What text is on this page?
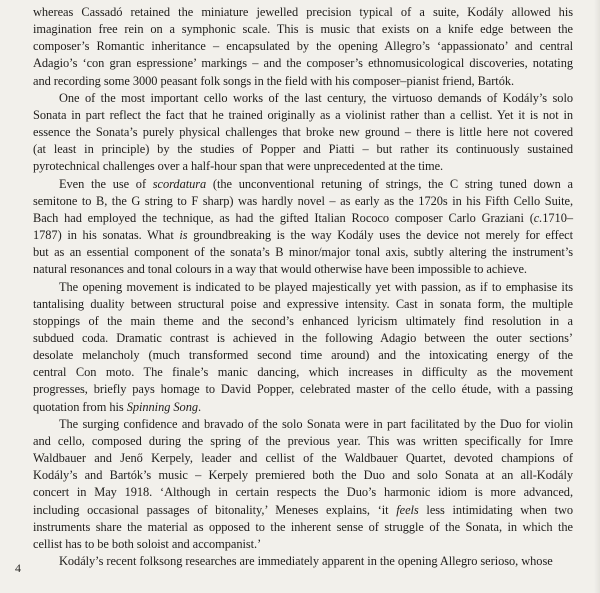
whereas Cassadó retained the miniature jewelled precision typical of a suite, Kodály allowed his
imagination free rein on a symphonic scale. This is music that exists on a knife edge between the
composer’s Romantic inheritance – encapsulated by the opening Allegro’s ‘appassionato’ and central
Adagio’s ‘con gran espressione’ markings – and the composer’s ethnomusicological discoveries, notating
and recording some 3000 peasant folk songs in the field with his composer–pianist friend, Bartók.

One of the most important cello works of the last century, the virtuoso demands of Kodály’s solo
Sonata in part reflect the fact that he trained originally as a violinist rather than a cellist. Yet it is not in
essence the Sonata’s purely physical challenges that broke new ground – there is little here not covered
(at least in principle) by the studies of Popper and Piatti – but rather its continuously sustained
pyrotechnical challenges over a half-hour span that were unprecedented at the time.

Even the use of scordatura (the unconventional retuning of strings, the C string tuned down a
semitone to B, the G string to F sharp) was hardly novel – as early as the 1720s in his Fifth Cello Suite,
Bach had employed the technique, as had the gifted Italian Rococo composer Carlo Graziani (c.1710–
1787) in his sonatas. What is groundbreaking is the way Kodály uses the device not merely for effect
but as an essential component of the sonata’s B minor/major tonal axis, subtly altering the instrument’s
natural resonances and tonal colours in a way that would otherwise have been impossible to achieve.

The opening movement is indicated to be played majestically yet with passion, as if to emphasise its
tantalising duality between structural poise and expressive intensity. Cast in sonata form, the multiple
stoppings of the main theme and the second’s enhanced lyricism ultimately find resolution in a
subdued coda. Dramatic contrast is achieved in the following Adagio between the outer sections’
desolate melancholy (much transformed second time around) and the intoxicating energy of the
central Con moto. The finale’s manic dancing, which increases in difficulty as the movement
progresses, briefly pays homage to David Popper, celebrated master of the cello étude, with a passing
quotation from his Spinning Song.

The surging confidence and bravado of the solo Sonata were in part facilitated by the Duo for violin
and cello, composed during the spring of the previous year. This was written specifically for Imre
Waldbauer and Jenő Kerpely, leader and cellist of the Waldbauer Quartet, devoted champions of
Kodály’s and Bartók’s music – Kerpely premiered both the Duo and solo Sonata at an all-Kodály
concert in May 1918. ‘Although in certain respects the Duo’s harmonic idiom is more advanced,
including occasional passages of bitonality,’ Meneses explains, ‘it feels less intimidating when two
instruments share the material as opposed to the inherent sense of struggle of the Sonata, in which the
cellist has to be both soloist and accompanist.’

Kodály’s recent folksong researches are immediately apparent in the opening Allegro serioso, whose

4
